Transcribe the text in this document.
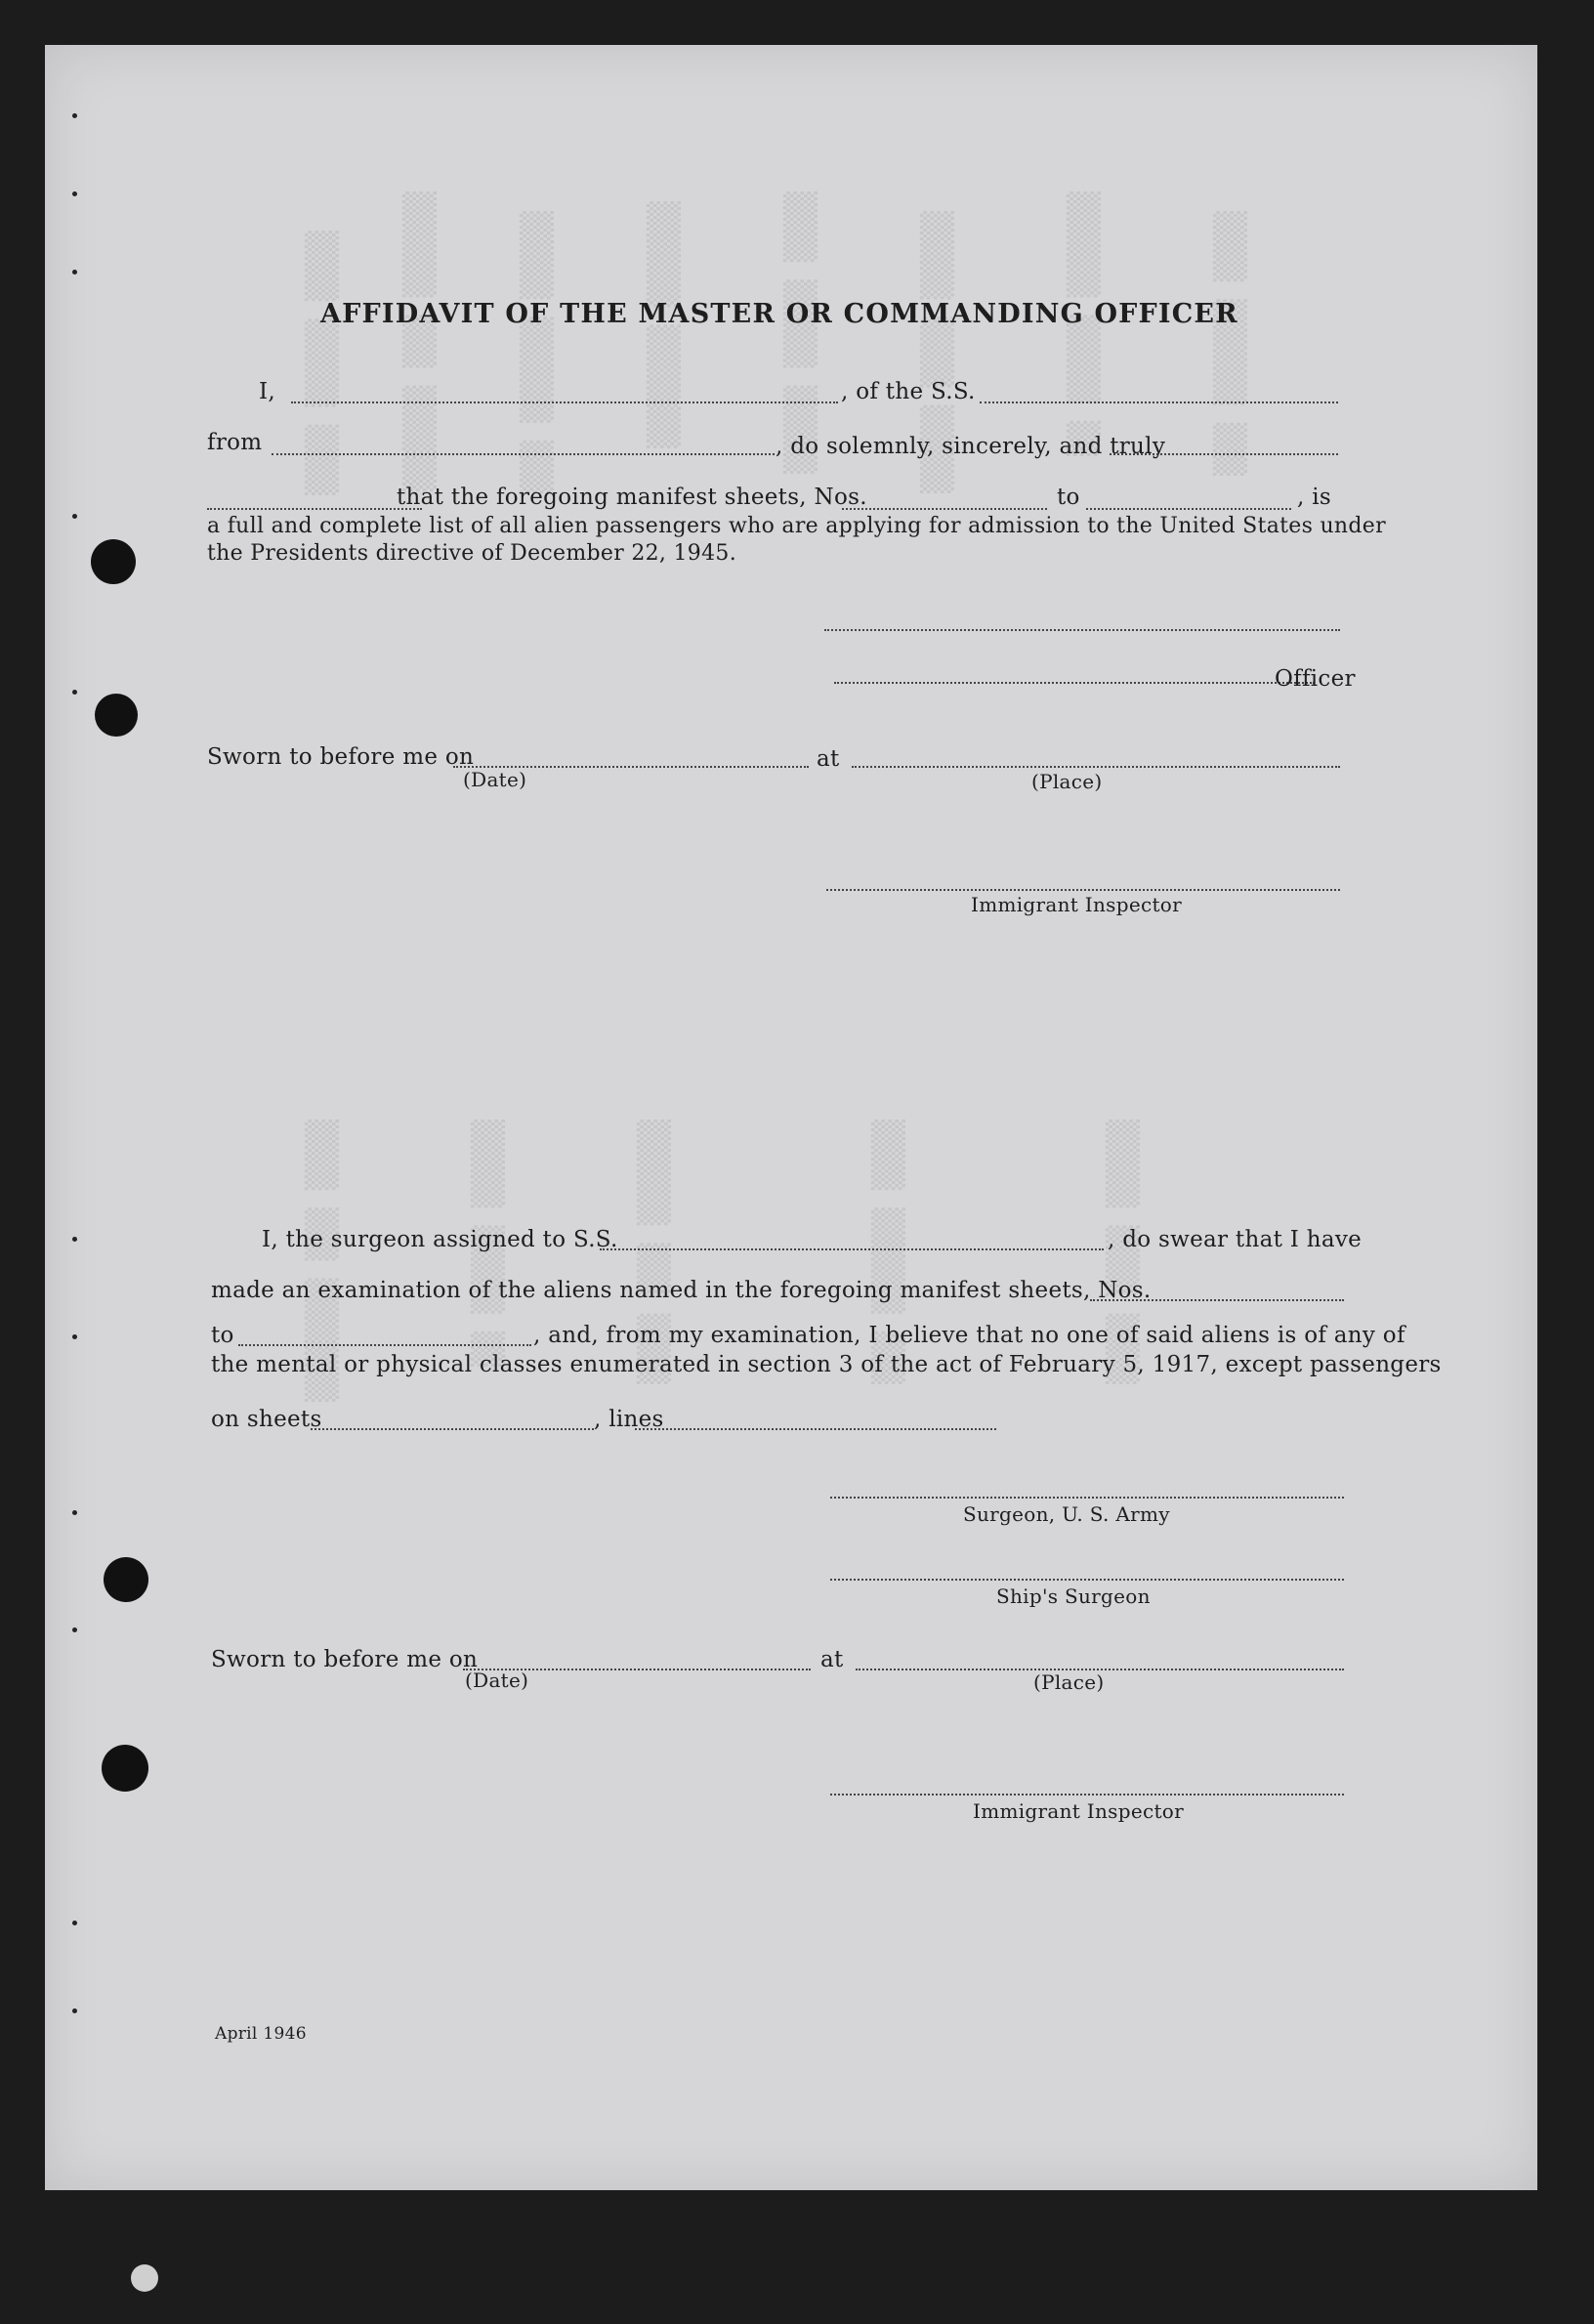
▒▒▒▒ ▒▒▒▒▒ ▒▒▒▒ ▒▒▒▒▒▒ ▒▒▒ ▒▒▒▒▒▒	▒▒▒▒▒ ▒▒▒▒▒▒ ▒▒▒	▒▒▒▒▒▒ ▒▒▒▒▒▒▒	▒▒▒▒ ▒▒▒▒▒ ▒▒▒▒▒	▒▒▒▒▒ ▒▒▒▒ ▒▒▒▒▒	▒▒▒▒▒▒ ▒▒▒▒▒ ▒▒	▒▒▒▒ ▒▒▒▒▒▒ ▒▒▒
▒▒▒▒ ▒▒▒ ▒▒▒▒▒▒▒	▒▒▒▒▒ ▒▒▒▒▒ ▒▒	▒▒▒▒▒▒ ▒▒▒ ▒▒▒▒	▒▒▒▒ ▒▒▒▒▒▒ ▒▒▒	▒▒▒▒▒ ▒▒▒▒ ▒▒▒▒
AFFIDAVIT OF THE MASTER OR COMMANDING OFFICER
I,	, of the S.S.
from	, do solemnly, sincerely, and truly
that the foregoing manifest sheets, Nos.	to	, is
a full and complete list of all alien passengers who are applying for admission to the United States under
the Presidents directive of December 22, 1945.
Officer
Sworn to before me on	at
(Date)	(Place)
Immigrant Inspector
I, the surgeon assigned to S.S.	, do swear that I have
made an examination of the aliens named in the foregoing manifest sheets, Nos.
to	, and, from my examination, I believe that no one of said aliens is of any of
the mental or physical classes enumerated in section 3 of the act of February 5, 1917, except passengers
on sheets	, lines
Surgeon, U. S. Army
Ship's Surgeon
Sworn to before me on	at
(Date)	(Place)
Immigrant Inspector
April 1946
